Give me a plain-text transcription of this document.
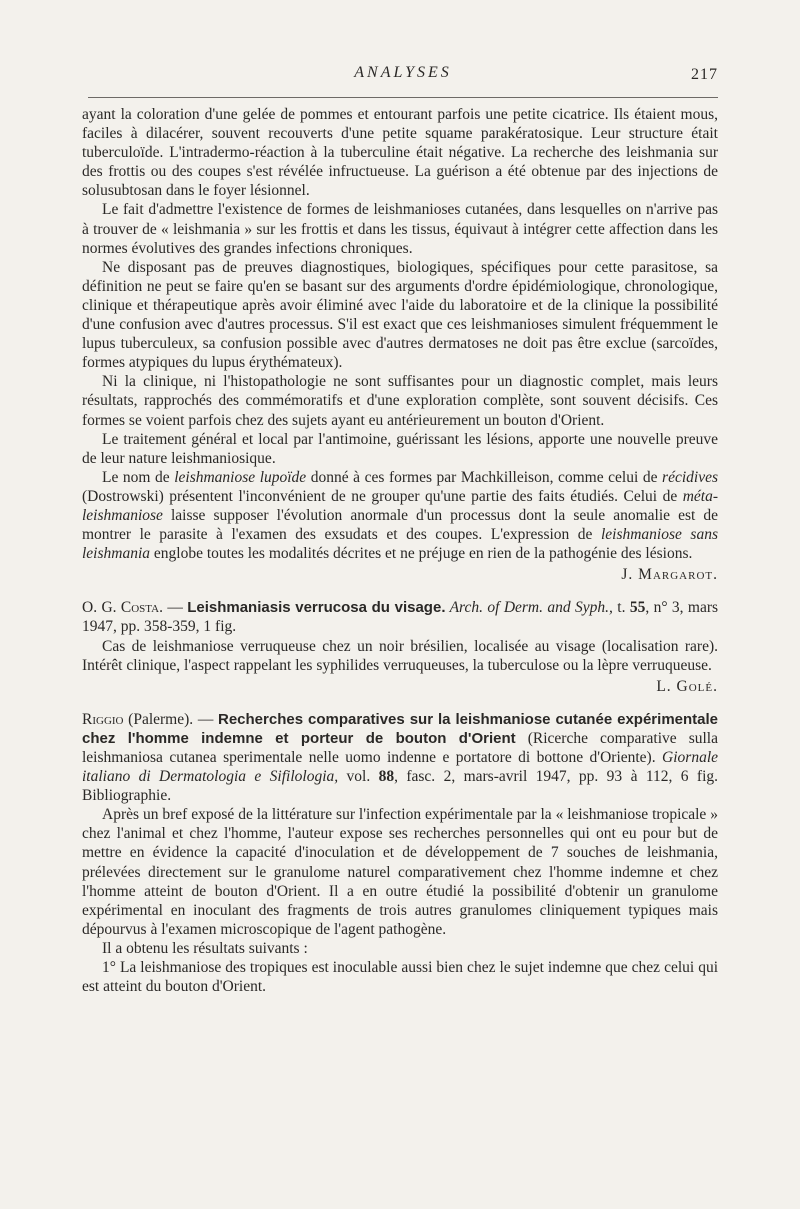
ANALYSES	217

ayant la coloration d'une gelée de pommes et entourant parfois une petite cicatrice. Ils étaient mous, faciles à dilacérer, souvent recouverts d'une petite squame parakératosique. Leur structure était tuberculoïde. L'intradermo-réaction à la tuberculine était négative. La recherche des leishmania sur des frottis ou des coupes s'est révélée infructueuse. La guérison a été obtenue par des injections de solusubtosan dans le foyer lésionnel.

Le fait d'admettre l'existence de formes de leishmanioses cutanées, dans lesquelles on n'arrive pas à trouver de « leishmania » sur les frottis et dans les tissus, équivaut à intégrer cette affection dans les normes évolutives des grandes infections chroniques.

Ne disposant pas de preuves diagnostiques, biologiques, spécifiques pour cette parasitose, sa définition ne peut se faire qu'en se basant sur des arguments d'ordre épidémiologique, chronologique, clinique et thérapeutique après avoir éliminé avec l'aide du laboratoire et de la clinique la possibilité d'une confusion avec d'autres processus. S'il est exact que ces leishmanioses simulent fréquemment le lupus tuberculeux, sa confusion possible avec d'autres dermatoses ne doit pas être exclue (sarcoïdes, formes atypiques du lupus érythémateux).

Ni la clinique, ni l'histopathologie ne sont suffisantes pour un diagnostic complet, mais leurs résultats, rapprochés des commémoratifs et d'une exploration complète, sont souvent décisifs. Ces formes se voient parfois chez des sujets ayant eu antérieurement un bouton d'Orient.

Le traitement général et local par l'antimoine, guérissant les lésions, apporte une nouvelle preuve de leur nature leishmaniosique.

Le nom de leishmaniose lupoïde donné à ces formes par Machkilleison, comme celui de récidives (Dostrowski) présentent l'inconvénient de ne grouper qu'une partie des faits étudiés. Celui de méta-leishmaniose laisse supposer l'évolution anormale d'un processus dont la seule anomalie est de montrer le parasite à l'examen des exsudats et des coupes. L'expression de leishmaniose sans leishmania englobe toutes les modalités décrites et ne préjuge en rien de la pathogénie des lésions.

J. Margarot.

O. G. Costa. — Leishmaniasis verrucosa du visage. Arch. of Derm. and Syph., t. 55, n° 3, mars 1947, pp. 358-359, 1 fig.

Cas de leishmaniose verruqueuse chez un noir brésilien, localisée au visage (localisation rare). Intérêt clinique, l'aspect rappelant les syphilides verruqueuses, la tuberculose ou la lèpre verruqueuse.

L. Golé.

Riggio (Palerme). — Recherches comparatives sur la leishmaniose cutanée expérimentale chez l'homme indemne et porteur de bouton d'Orient (Ricerche comparative sulla leishmaniosa cutanea sperimentale nelle uomo indenne e portatore di bottone d'Oriente). Giornale italiano di Dermatologia e Sifilologia, vol. 88, fasc. 2, mars-avril 1947, pp. 93 à 112, 6 fig. Bibliographie.

Après un bref exposé de la littérature sur l'infection expérimentale par la « leishmaniose tropicale » chez l'animal et chez l'homme, l'auteur expose ses recherches personnelles qui ont eu pour but de mettre en évidence la capacité d'inoculation et de développement de 7 souches de leishmania, prélevées directement sur le granulome naturel comparativement chez l'homme indemne et chez l'homme atteint de bouton d'Orient. Il a en outre étudié la possibilité d'obtenir un granulome expérimental en inoculant des fragments de trois autres granulomes cliniquement typiques mais dépourvus à l'examen microscopique de l'agent pathogène.

Il a obtenu les résultats suivants :

1° La leishmaniose des tropiques est inoculable aussi bien chez le sujet indemne que chez celui qui est atteint du bouton d'Orient.
